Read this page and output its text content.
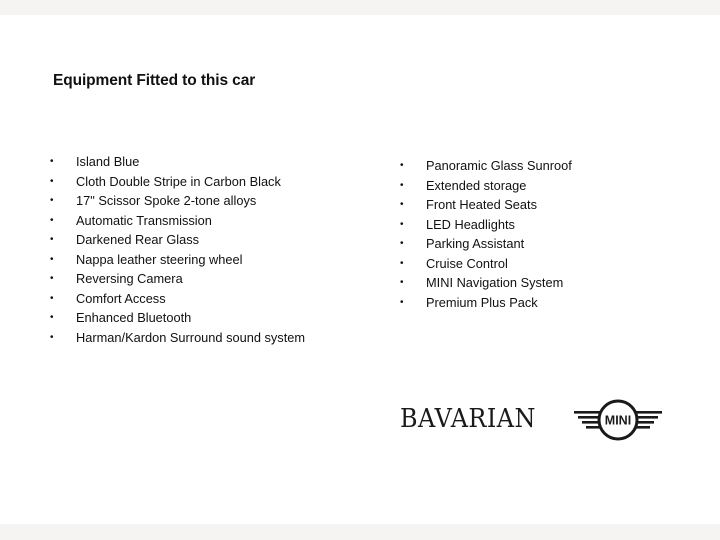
Equipment Fitted to this car
•	Island Blue
•	Cloth Double Stripe in Carbon Black
•	17" Scissor Spoke 2-tone alloys
•	Automatic Transmission
•	Darkened Rear Glass
•	Nappa leather steering wheel
•	Reversing Camera
•	Comfort Access
•	Enhanced Bluetooth
•	Harman/Kardon Surround sound system
•	Panoramic Glass Sunroof
•	Extended storage
•	Front Heated Seats
•	LED Headlights
•	Parking Assistant
•	Cruise Control
•	MINI Navigation System
•	Premium Plus Pack
BAVARIAN	MINI
